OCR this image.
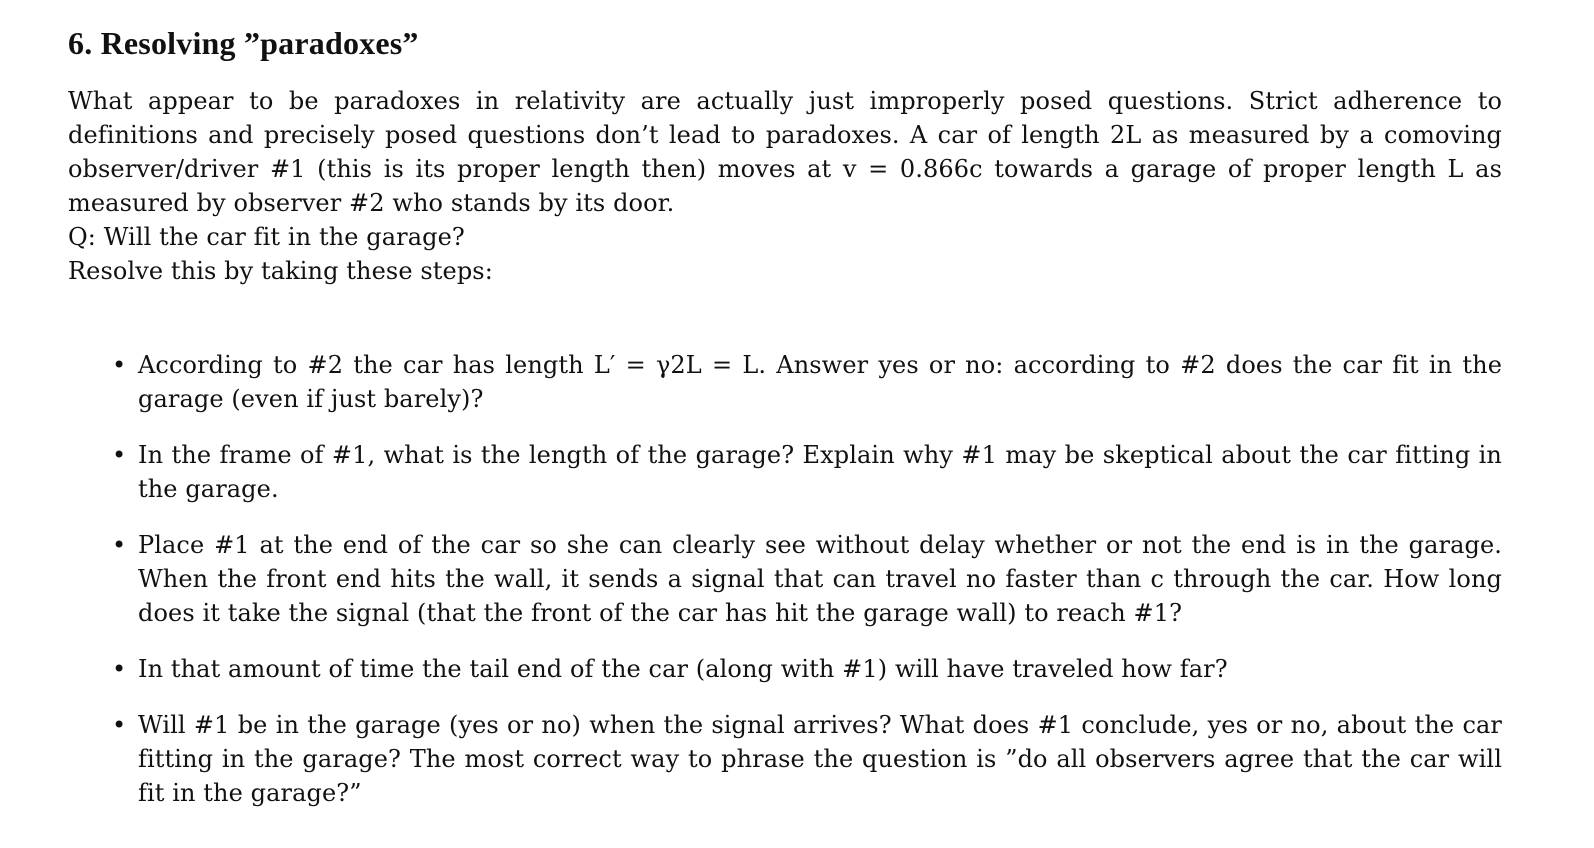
6. Resolving ”paradoxes”
What appear to be paradoxes in relativity are actually just improperly posed questions. Strict adherence to definitions and precisely posed questions don’t lead to paradoxes. A car of length 2L as measured by a comoving observer/driver #1 (this is its proper length then) moves at v = 0.866c towards a garage of proper length L as measured by observer #2 who stands by its door.
Q: Will the car fit in the garage?
Resolve this by taking these steps:
• According to #2 the car has length L′ = γ2L = L. Answer yes or no: according to #2 does the car fit in the garage (even if just barely)?
• In the frame of #1, what is the length of the garage? Explain why #1 may be skeptical about the car fitting in the garage.
• Place #1 at the end of the car so she can clearly see without delay whether or not the end is in the garage. When the front end hits the wall, it sends a signal that can travel no faster than c through the car. How long does it take the signal (that the front of the car has hit the garage wall) to reach #1?
• In that amount of time the tail end of the car (along with #1) will have traveled how far?
• Will #1 be in the garage (yes or no) when the signal arrives? What does #1 conclude, yes or no, about the car fitting in the garage? The most correct way to phrase the question is ”do all observers agree that the car will fit in the garage?”
